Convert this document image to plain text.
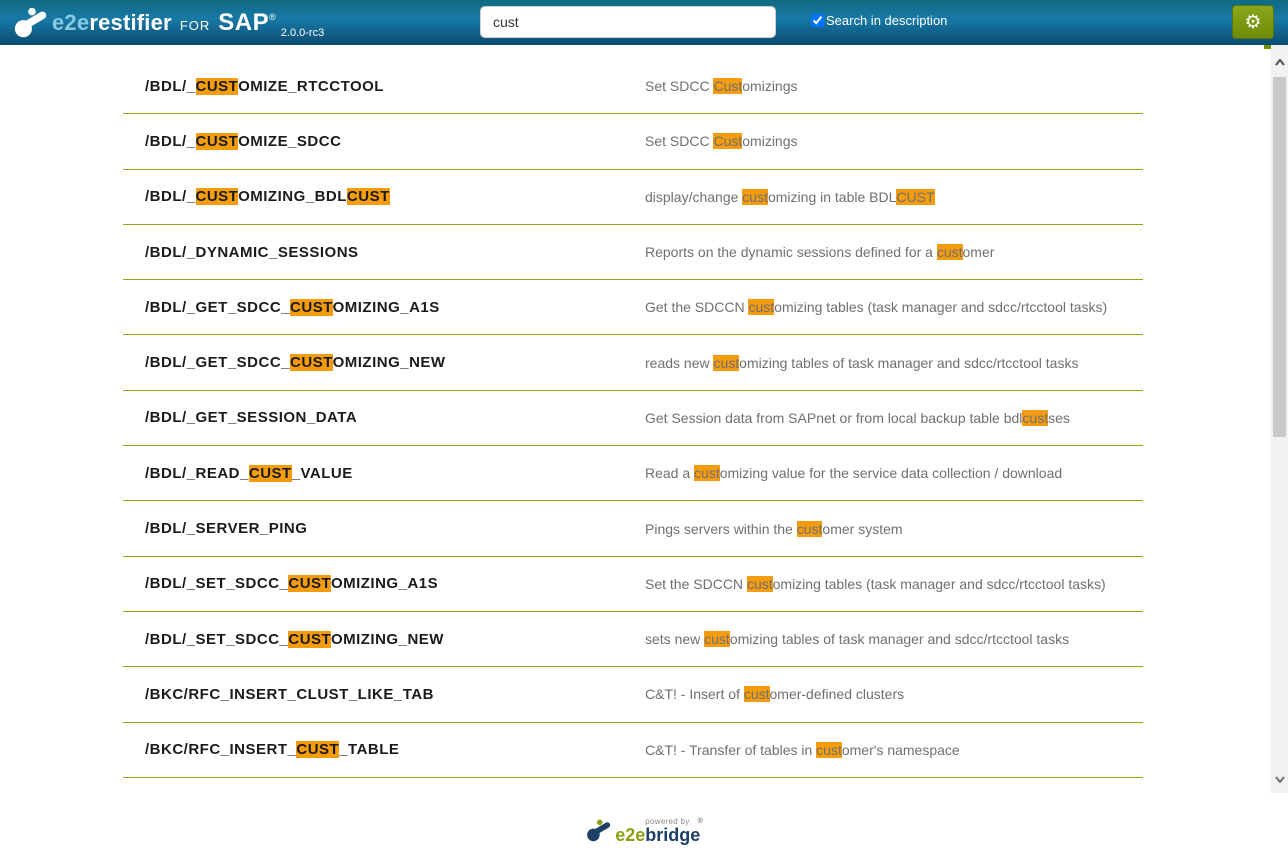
e2e restifier FOR SAP ®
2.0.0-rc3
cust
Search in description	⚙
/BDL/_CUSTOMIZE_RTCCTOOL	Set SDCC Customizings
/BDL/_CUSTOMIZE_SDCC	Set SDCC Customizings
/BDL/_CUSTOMIZING_BDLCUST	display/change customizing in table BDLCUST
/BDL/_DYNAMIC_SESSIONS	Reports on the dynamic sessions defined for a customer
/BDL/_GET_SDCC_CUSTOMIZING_A1S	Get the SDCCN customizing tables (task manager and sdcc/rtcctool tasks)
/BDL/_GET_SDCC_CUSTOMIZING_NEW	reads new customizing tables of task manager and sdcc/rtcctool tasks
/BDL/_GET_SESSION_DATA	Get Session data from SAPnet or from local backup table bdlcustses
/BDL/_READ_CUST_VALUE	Read a customizing value for the service data collection / download
/BDL/_SERVER_PING	Pings servers within the customer system
/BDL/_SET_SDCC_CUSTOMIZING_A1S	Set the SDCCN customizing tables (task manager and sdcc/rtcctool tasks)
/BDL/_SET_SDCC_CUSTOMIZING_NEW	sets new customizing tables of task manager and sdcc/rtcctool tasks
/BKC/RFC_INSERT_CLUST_LIKE_TAB	C&T! - Insert of customer-defined clusters
/BKC/RFC_INSERT_CUST_TABLE	C&T! - Transfer of tables in customer's namespace
e2e
powered by ®
bridge
